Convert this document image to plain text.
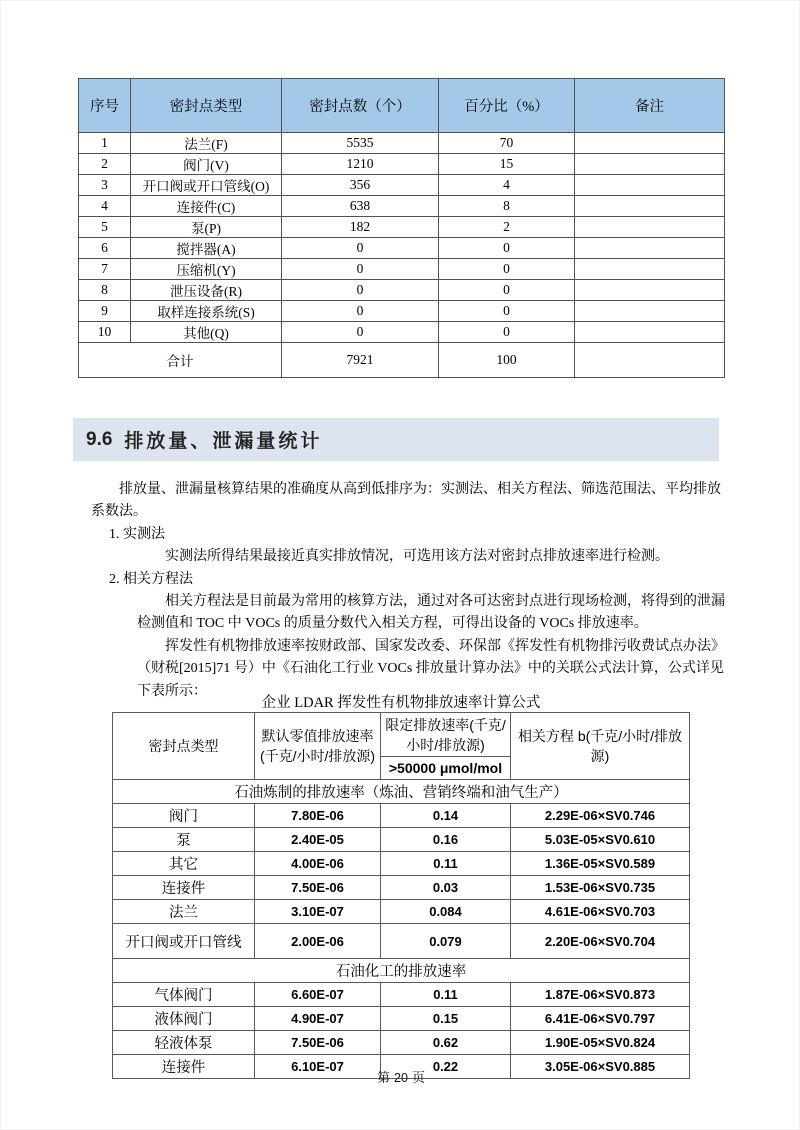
序号	密封点类型	密封点数（个）	百分比（%）	备注
1	法兰(F)	5535	70	
2	阀门(V)	1210	15	
3	开口阀或开口管线(O)	356	4	
4	连接件(C)	638	8	
5	泵(P)	182	2	
6	搅拌器(A)	0	0	
7	压缩机(Y)	0	0	
8	泄压设备(R)	0	0	
9	取样连接系统(S)	0	0	
10	其他(Q)	0	0	
合计		7921	100	
9.6 排放量、泄漏量统计

排放量、泄漏量核算结果的准确度从高到低排序为：实测法、相关方程法、筛选范围法、平均排放系数法。

1. 实测法

实测法所得结果最接近真实排放情况，可选用该方法对密封点排放速率进行检测。

2. 相关方程法

相关方程法是目前最为常用的核算方法，通过对各可达密封点进行现场检测，将得到的泄漏检测值和 TOC 中 VOCs 的质量分数代入相关方程，可得出设备的 VOCs 排放速率。

挥发性有机物排放速率按财政部、国家发改委、环保部《挥发性有机物排污收费试点办法》（财税[2015]71 号）中《石油化工行业 VOCs 排放量计算办法》中的关联公式法计算，公式详见下表所示：

企业 LDAR 挥发性有机物排放速率计算公式
密封点类型	默认零值排放速率(千克/小时/排放源)	限定排放速率(千克/小时/排放源)	相关方程 b(千克/小时/排放源)
		>50000 μmol/mol	
石油炼制的排放速率（炼油、营销终端和油气生产）			
阀门	7.80E-06	0.14	2.29E-06×SV0.746
泵	2.40E-05	0.16	5.03E-05×SV0.610
其它	4.00E-06	0.11	1.36E-05×SV0.589
连接件	7.50E-06	0.03	1.53E-06×SV0.735
法兰	3.10E-07	0.084	4.61E-06×SV0.703
开口阀或开口管线	2.00E-06	0.079	2.20E-06×SV0.704
石油化工的排放速率			
气体阀门	6.60E-07	0.11	1.87E-06×SV0.873
液体阀门	4.90E-07	0.15	6.41E-06×SV0.797
轻液体泵	7.50E-06	0.62	1.90E-05×SV0.824
连接件	6.10E-07	0.22	3.05E-06×SV0.885
第 20 页
